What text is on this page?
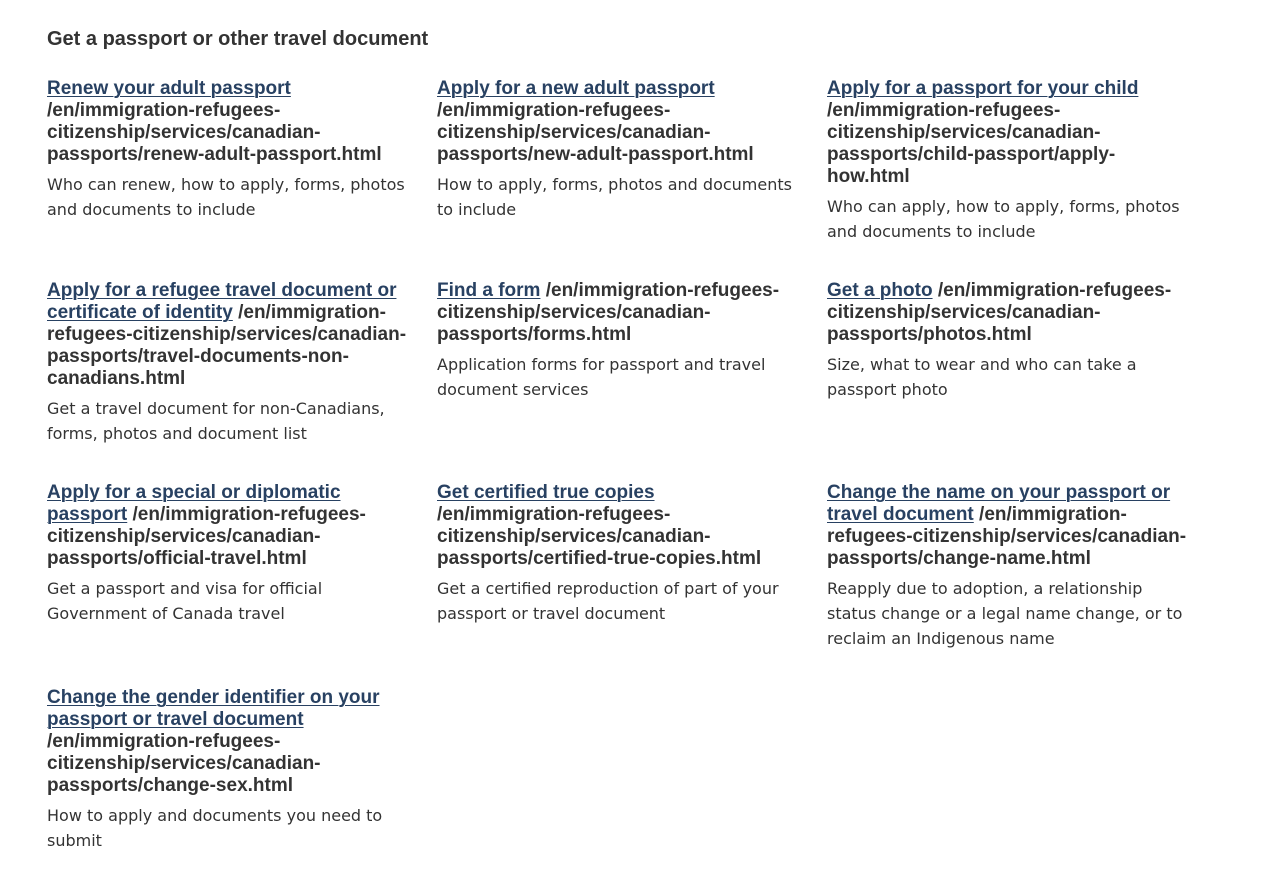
Get a passport or other travel document
Renew your adult passport
/en/immigration-refugees-
citizenship/services/canadian-
passports/renew-adult-passport.html

Who can renew, how to apply, forms, photos and documents to include

Apply for a new adult passport
/en/immigration-refugees-
citizenship/services/canadian-
passports/new-adult-passport.html

How to apply, forms, photos and documents to include

Apply for a passport for your child
/en/immigration-refugees-
citizenship/services/canadian-
passports/child-passport/apply-
how.html

Who can apply, how to apply, forms, photos and documents to include

Apply for a refugee travel document or
certificate of identity /en/immigration-
refugees-citizenship/services/canadian-
passports/travel-documents-non-
canadians.html

Get a travel document for non-Canadians, forms, photos and document list

Find a form /en/immigration-refugees-
citizenship/services/canadian-
passports/forms.html

Application forms for passport and travel document services

Get a photo /en/immigration-refugees-
citizenship/services/canadian-
passports/photos.html

Size, what to wear and who can take a passport photo

Apply for a special or diplomatic
passport /en/immigration-refugees-
citizenship/services/canadian-
passports/official-travel.html

Get a passport and visa for official Government of Canada travel

Get certified true copies
/en/immigration-refugees-
citizenship/services/canadian-
passports/certified-true-copies.html

Get a certified reproduction of part of your passport or travel document

Change the name on your passport or
travel document /en/immigration-
refugees-citizenship/services/canadian-
passports/change-name.html

Reapply due to adoption, a relationship status change or a legal name change, or to reclaim an Indigenous name

Change the gender identifier on your
passport or travel document
/en/immigration-refugees-
citizenship/services/canadian-
passports/change-sex.html

How to apply and documents you need to submit
